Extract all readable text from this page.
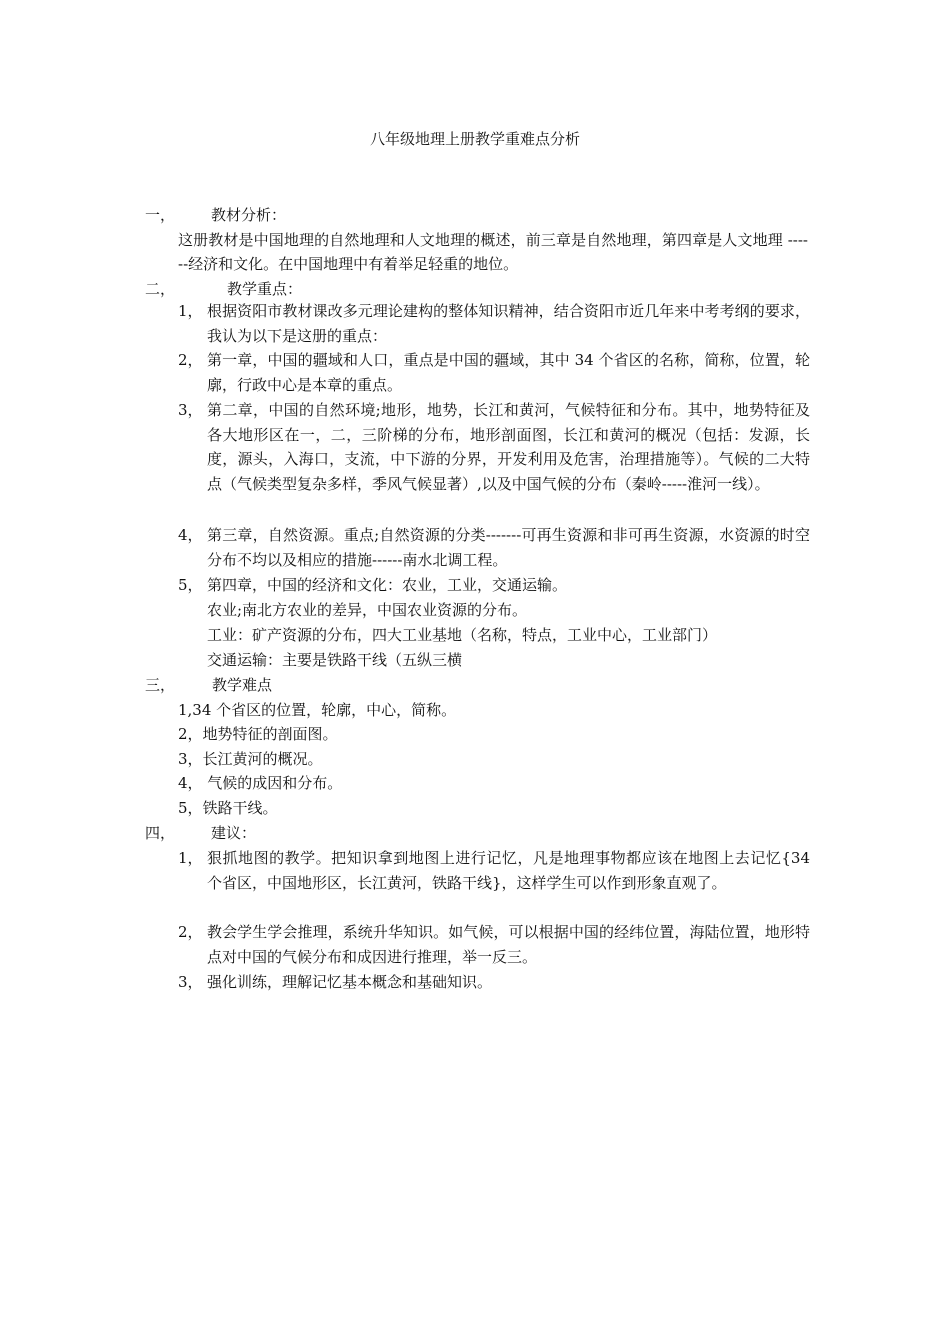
八年级地理上册教学重难点分析
一， 教材分析：
这册教材是中国地理的自然地理和人文地理的概述，前三章是自然地理，第四章是人文地理 ------经济和文化。在中国地理中有着举足轻重的地位。
二，	教学重点：
1， 根据资阳市教材课改多元理论建构的整体知识精神，结合资阳市近几年来中考考纲的要求，我认为以下是这册的重点：
2， 第一章，中国的疆域和人口，重点是中国的疆域，其中 34 个省区的名称，简称，位置，轮廓，行政中心是本章的重点。
3， 第二章，中国的自然环境;地形，地势，长江和黄河，气候特征和分布。其中，地势特征及各大地形区在一，二，三阶梯的分布，地形剖面图，长江和黄河的概况（包括：发源，长度，源头，入海口，支流，中下游的分界，开发利用及危害，治理措施等）。气候的二大特点（气候类型复杂多样，季风气候显著）,以及中国气候的分布（秦岭-----淮河一线）。
4， 第三章，自然资源。重点;自然资源的分类-------可再生资源和非可再生资源，水资源的时空分布不均以及相应的措施------南水北调工程。
5， 第四章，中国的经济和文化：农业，工业，交通运输。
农业;南北方农业的差异，中国农业资源的分布。
工业：矿产资源的分布，四大工业基地（名称，特点，工业中心，工业部门）
交通运输：主要是铁路干线（五纵三横
三， 教学难点
1,34 个省区的位置，轮廓，中心，简称。
2，地势特征的剖面图。
3，长江黄河的概况。
4， 气候的成因和分布。
5，铁路干线。
四， 建议：
1， 狠抓地图的教学。把知识拿到地图上进行记忆，凡是地理事物都应该在地图上去记忆{34 个省区，中国地形区，长江黄河，铁路干线}，这样学生可以作到形象直观了。
2， 教会学生学会推理，系统升华知识。如气候，可以根据中国的经纬位置，海陆位置，地形特点对中国的气候分布和成因进行推理，举一反三。
3， 强化训练，理解记忆基本概念和基础知识。
